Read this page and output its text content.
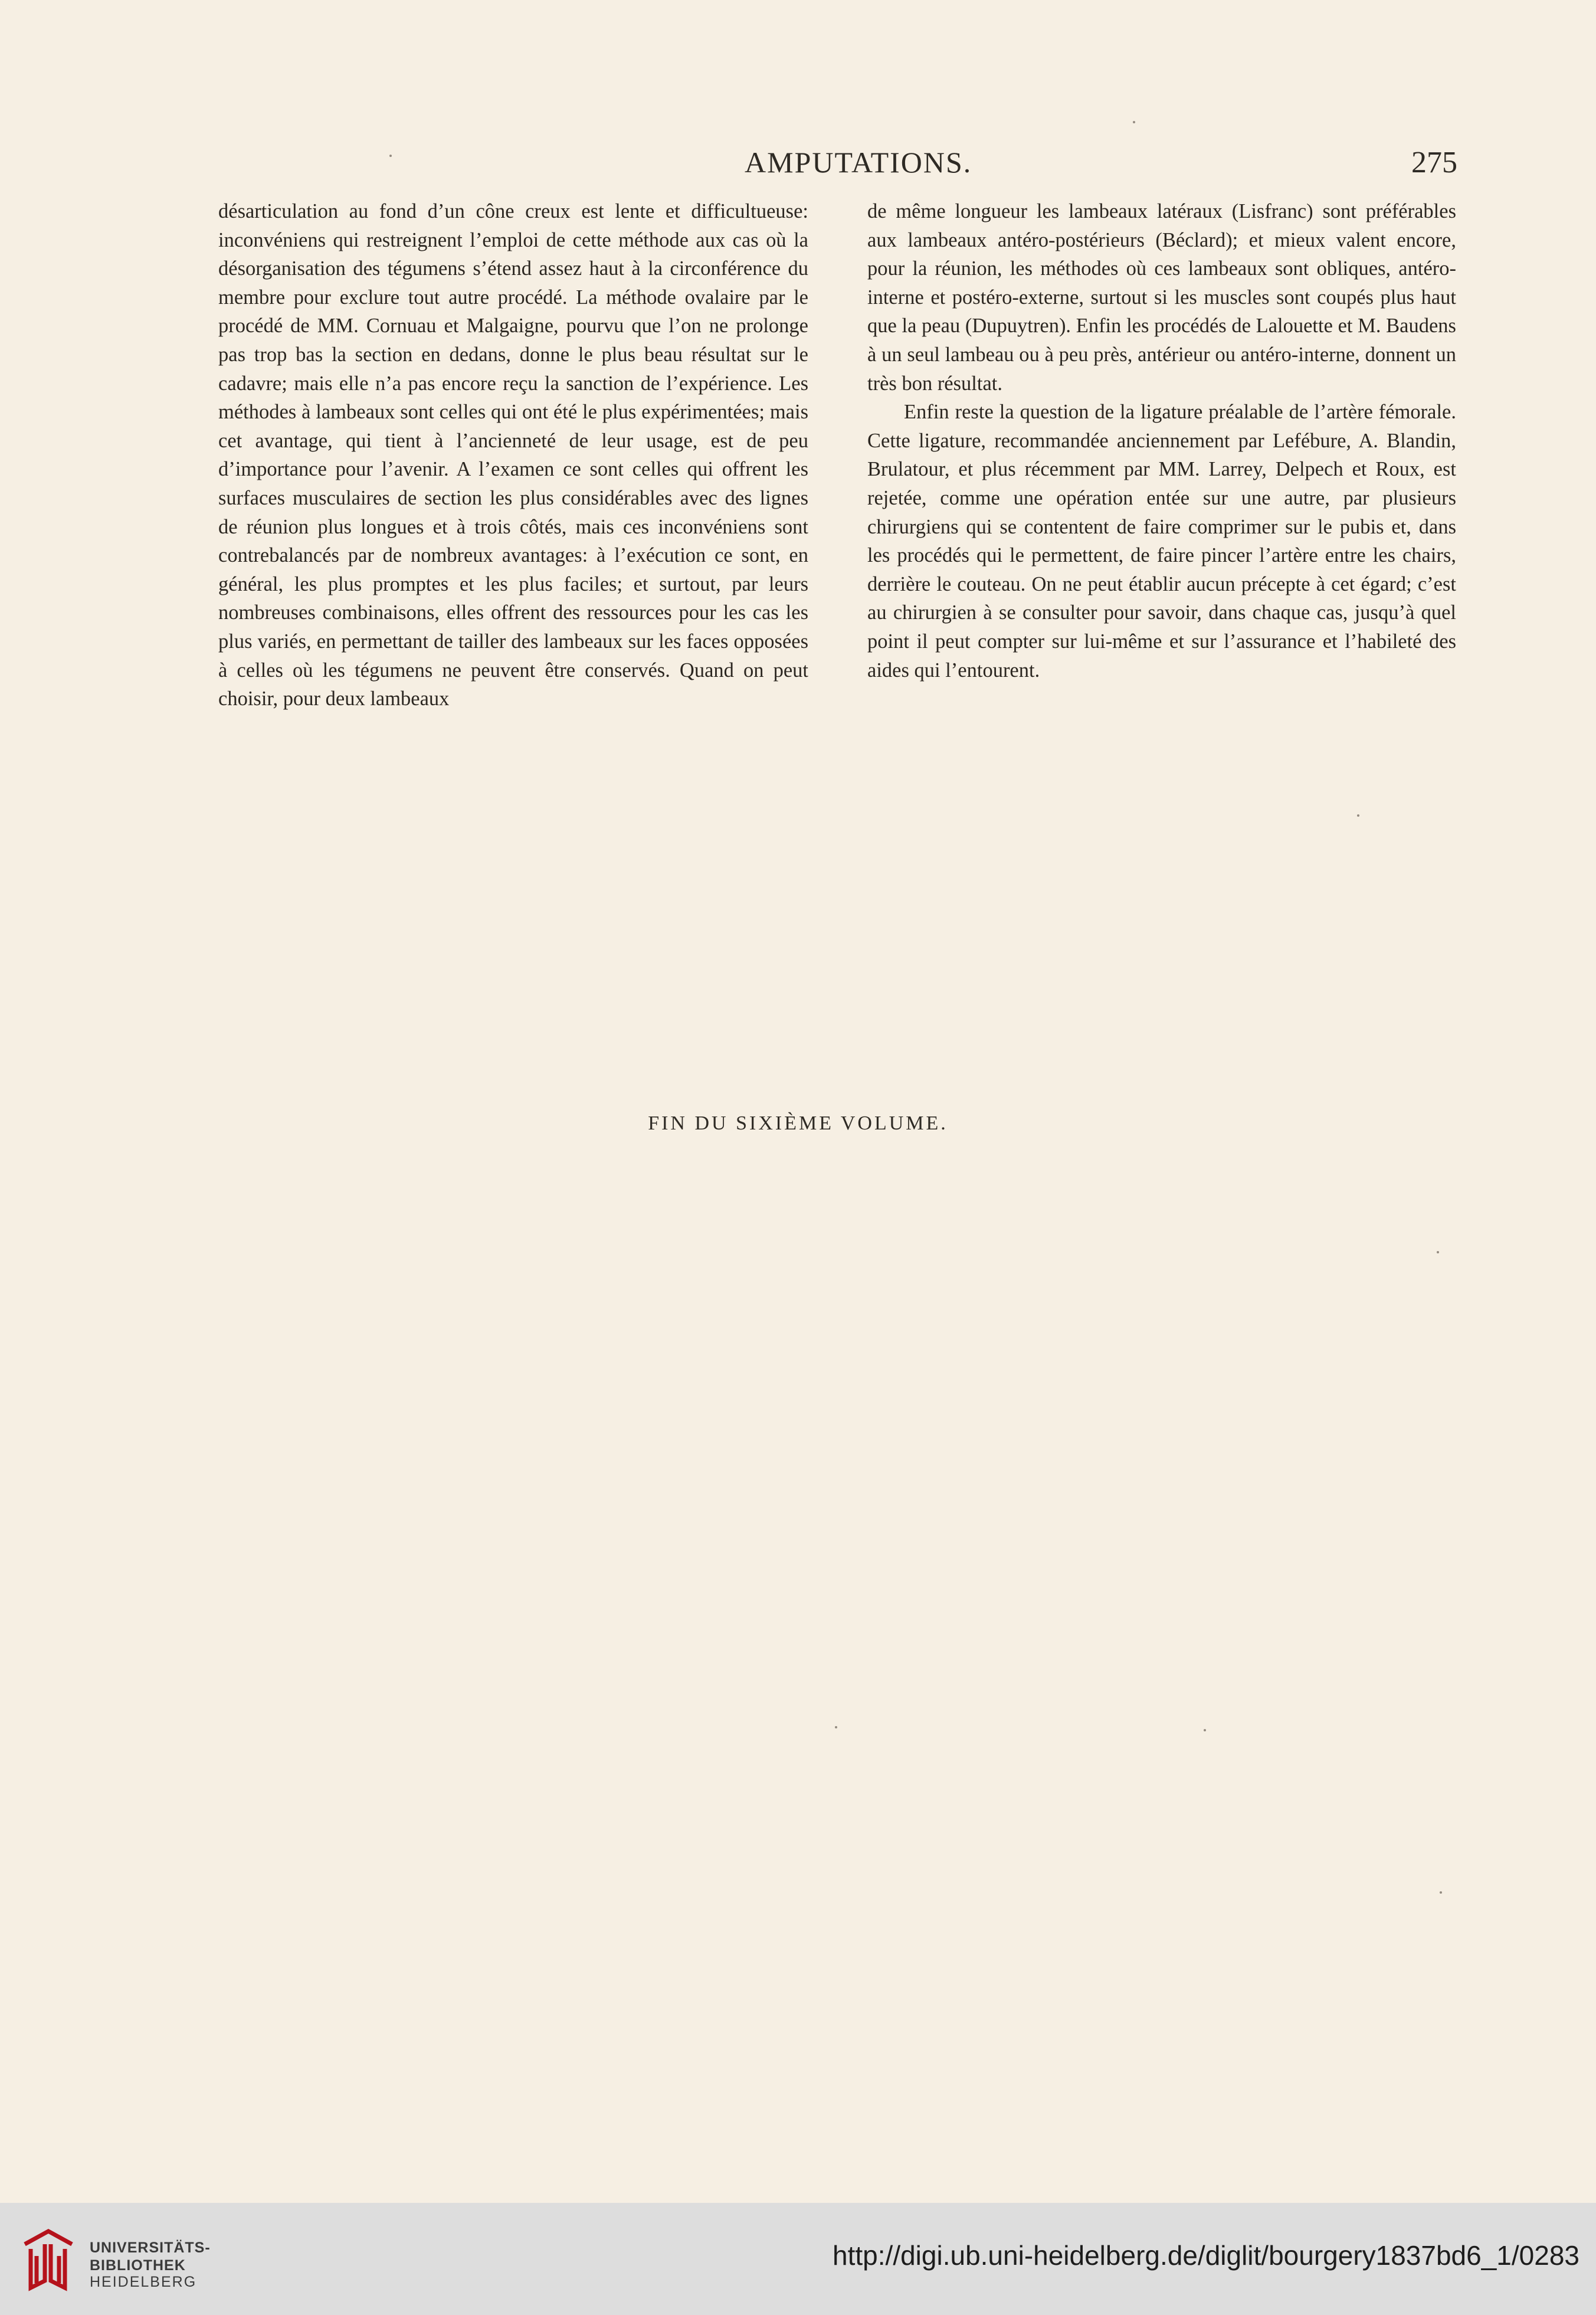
AMPUTATIONS.	275

désarticulation au fond d’un cône creux est lente et difficultueuse: inconvéniens qui restreignent l’emploi de cette méthode aux cas où la désorganisation des tégumens s’étend assez haut à la circonférence du membre pour exclure tout autre procédé. La méthode ovalaire par le procédé de MM. Cornuau et Malgaigne, pourvu que l’on ne prolonge pas trop bas la section en dedans, donne le plus beau résultat sur le cadavre; mais elle n’a pas encore reçu la sanction de l’expérience. Les méthodes à lambeaux sont celles qui ont été le plus expérimentées; mais cet avantage, qui tient à l’ancienneté de leur usage, est de peu d’importance pour l’avenir. A l’examen ce sont celles qui offrent les surfaces musculaires de section les plus considérables avec des lignes de réunion plus longues et à trois côtés, mais ces inconvéniens sont contrebalancés par de nombreux avantages: à l’exécution ce sont, en général, les plus promptes et les plus faciles; et surtout, par leurs nombreuses combinaisons, elles offrent des ressources pour les cas les plus variés, en permettant de tailler des lambeaux sur les faces opposées à celles où les tégumens ne peuvent être conservés. Quand on peut choisir, pour deux lambeaux

de même longueur les lambeaux latéraux (Lisfranc) sont préférables aux lambeaux antéro-postérieurs (Béclard); et mieux valent encore, pour la réunion, les méthodes où ces lambeaux sont obliques, antéro-interne et postéro-externe, surtout si les muscles sont coupés plus haut que la peau (Dupuytren). Enfin les procédés de Lalouette et M. Baudens à un seul lambeau ou à peu près, antérieur ou antéro-interne, donnent un très bon résultat.

Enfin reste la question de la ligature préalable de l’artère fémorale. Cette ligature, recommandée anciennement par Lefébure, A. Blandin, Brulatour, et plus récemment par MM. Larrey, Delpech et Roux, est rejetée, comme une opération entée sur une autre, par plusieurs chirurgiens qui se contentent de faire comprimer sur le pubis et, dans les procédés qui le permettent, de faire pincer l’artère entre les chairs, derrière le couteau. On ne peut établir aucun précepte à cet égard; c’est au chirurgien à se consulter pour savoir, dans chaque cas, jusqu’à quel point il peut compter sur lui-même et sur l’assurance et l’habileté des aides qui l’entourent.

FIN DU SIXIÈME VOLUME.
UNIVERSITÄTS-
BIBLIOTHEK
HEIDELBERG
http://digi.ub.uni-heidelberg.de/diglit/bourgery1837bd6_1/0283
